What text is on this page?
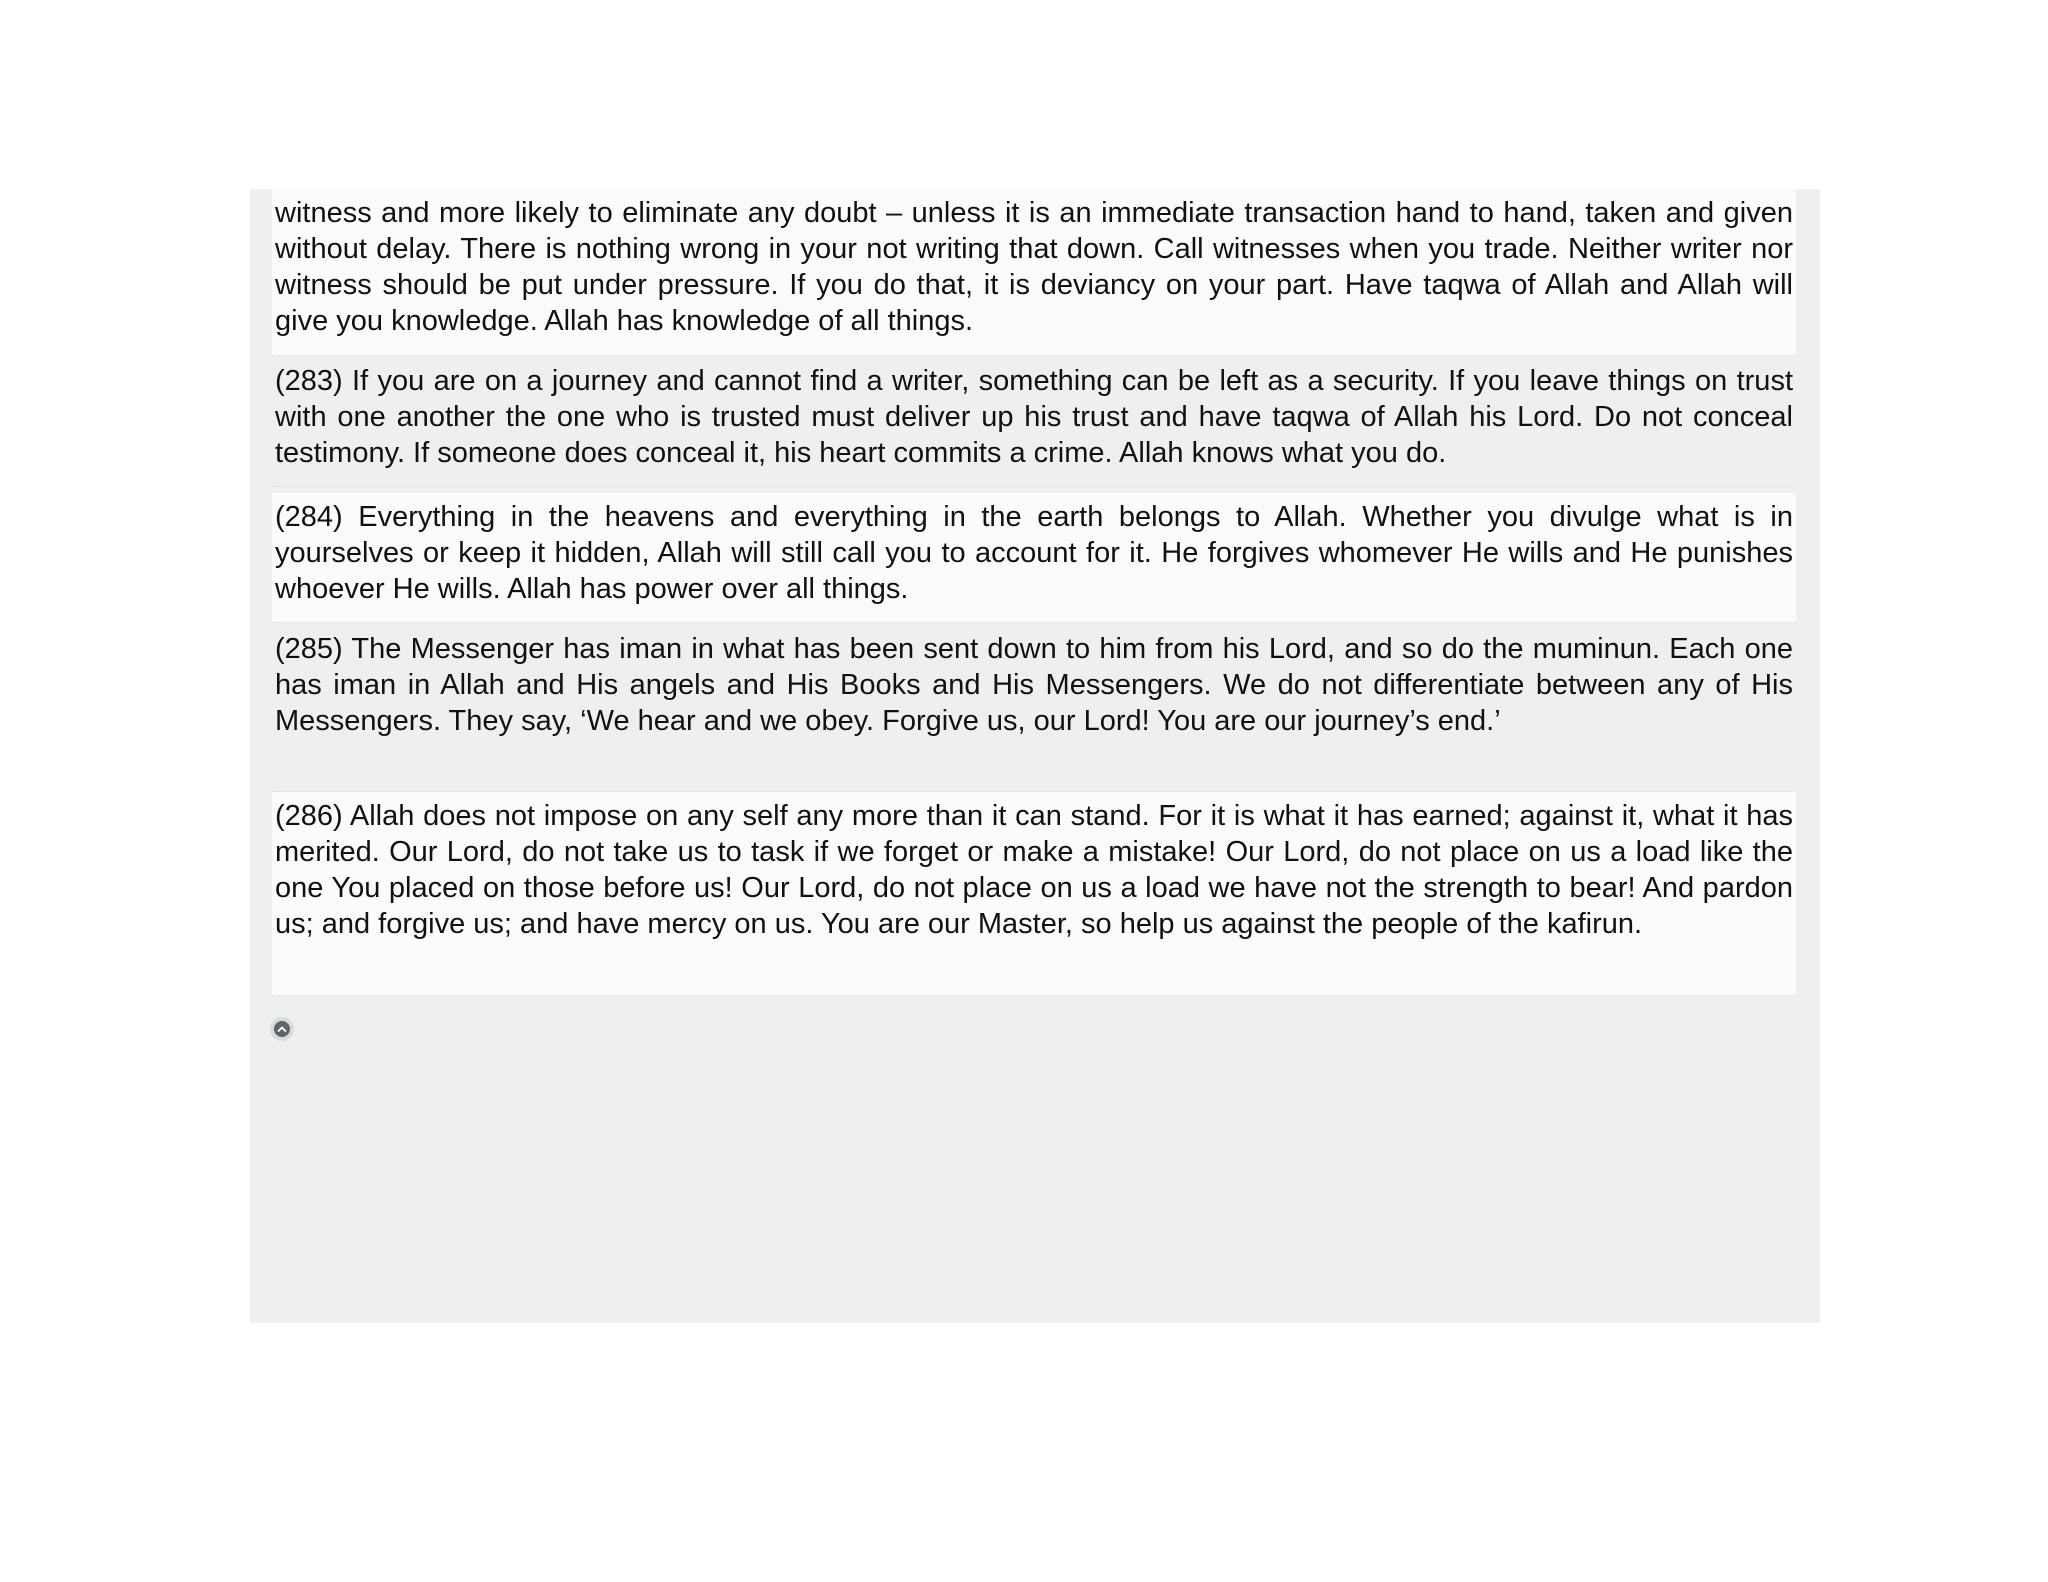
witness and more likely to eliminate any doubt – unless it is an immediate transaction hand to hand, taken and given without delay. There is nothing wrong in your not writing that down. Call witnesses when you trade. Neither writer nor witness should be put under pressure. If you do that, it is deviancy on your part. Have taqwa of Allah and Allah will give you knowledge. Allah has knowledge of all things.

(283) If you are on a journey and cannot find a writer, something can be left as a security. If you leave things on trust with one another the one who is trusted must deliver up his trust and have taqwa of Allah his Lord. Do not conceal testimony. If someone does conceal it, his heart commits a crime. Allah knows what you do.

(284) Everything in the heavens and everything in the earth belongs to Allah. Whether you divulge what is in yourselves or keep it hidden, Allah will still call you to account for it. He forgives whomever He wills and He punishes whoever He wills. Allah has power over all things.

(285) The Messenger has iman in what has been sent down to him from his Lord, and so do the muminun. Each one has iman in Allah and His angels and His Books and His Messengers. We do not differentiate between any of His Messengers. They say, ‘We hear and we obey. Forgive us, our Lord! You are our journey’s end.’

(286) Allah does not impose on any self any more than it can stand. For it is what it has earned; against it, what it has merited. Our Lord, do not take us to task if we forget or make a mistake! Our Lord, do not place on us a load like the one You placed on those before us! Our Lord, do not place on us a load we have not the strength to bear! And pardon us; and forgive us; and have mercy on us. You are our Master, so help us against the people of the kafirun.
